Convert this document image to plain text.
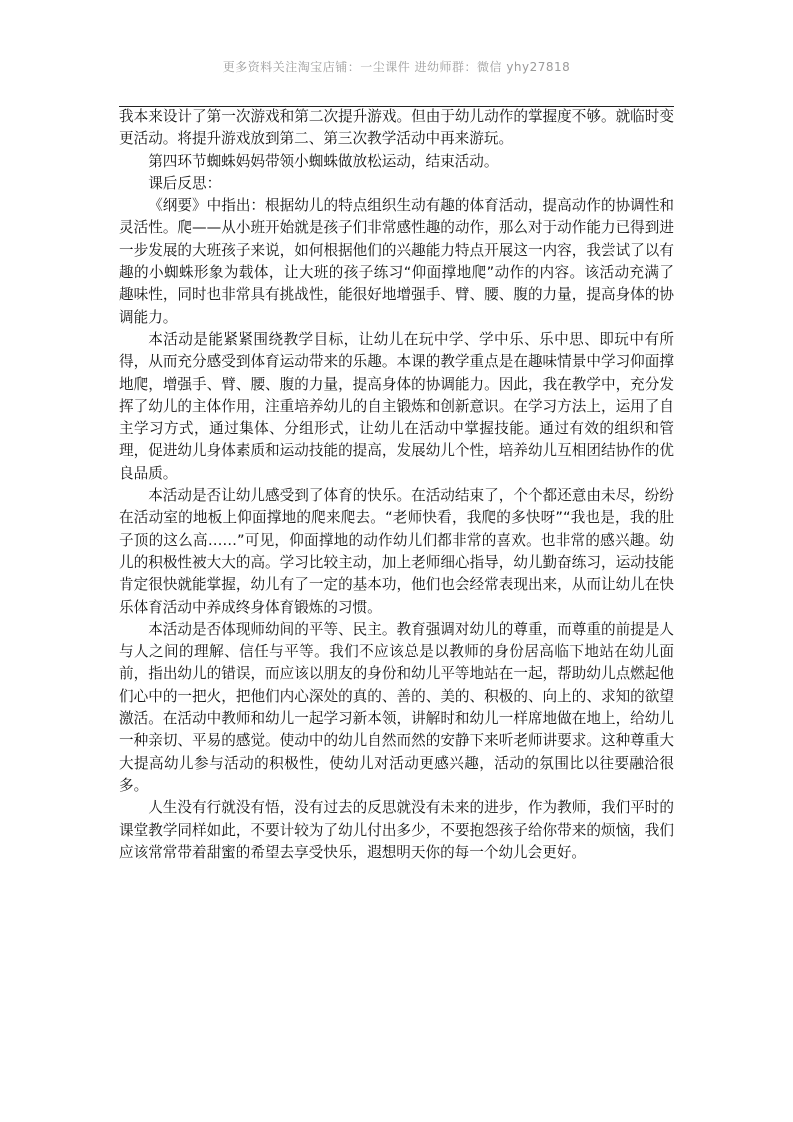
更多资料关注淘宝店铺：一尘课件 进幼师群：微信 yhy27818

我本来设计了第一次游戏和第二次提升游戏。但由于幼儿动作的掌握度不够。就临时变更活动。将提升游戏放到第二、第三次教学活动中再来游玩。

第四环节蜘蛛妈妈带领小蜘蛛做放松运动，结束活动。

课后反思：

《纲要》中指出：根据幼儿的特点组织生动有趣的体育活动，提高动作的协调性和灵活性。爬——从小班开始就是孩子们非常感性趣的动作，那么对于动作能力已得到进一步发展的大班孩子来说，如何根据他们的兴趣能力特点开展这一内容，我尝试了以有趣的小蜘蛛形象为载体，让大班的孩子练习“仰面撑地爬”动作的内容。该活动充满了趣味性，同时也非常具有挑战性，能很好地增强手、臂、腰、腹的力量，提高身体的协调能力。

本活动是能紧紧围绕教学目标，让幼儿在玩中学、学中乐、乐中思、即玩中有所得，从而充分感受到体育运动带来的乐趣。本课的教学重点是在趣味情景中学习仰面撑地爬，增强手、臂、腰、腹的力量，提高身体的协调能力。因此，我在教学中，充分发挥了幼儿的主体作用，注重培养幼儿的自主锻炼和创新意识。在学习方法上，运用了自主学习方式，通过集体、分组形式，让幼儿在活动中掌握技能。通过有效的组织和管理，促进幼儿身体素质和运动技能的提高，发展幼儿个性，培养幼儿互相团结协作的优良品质。

本活动是否让幼儿感受到了体育的快乐。在活动结束了，个个都还意由未尽，纷纷在活动室的地板上仰面撑地的爬来爬去。“老师快看，我爬的多快呀”“我也是，我的肚子顶的这么高……”可见，仰面撑地的动作幼儿们都非常的喜欢。也非常的感兴趣。幼儿的积极性被大大的高。学习比较主动，加上老师细心指导，幼儿勤奋练习，运动技能肯定很快就能掌握，幼儿有了一定的基本功，他们也会经常表现出来，从而让幼儿在快乐体育活动中养成终身体育锻炼的习惯。

本活动是否体现师幼间的平等、民主。教育强调对幼儿的尊重，而尊重的前提是人与人之间的理解、信任与平等。我们不应该总是以教师的身份居高临下地站在幼儿面前，指出幼儿的错误，而应该以朋友的身份和幼儿平等地站在一起，帮助幼儿点燃起他们心中的一把火，把他们内心深处的真的、善的、美的、积极的、向上的、求知的欲望激活。在活动中教师和幼儿一起学习新本领，讲解时和幼儿一样席地做在地上，给幼儿一种亲切、平易的感觉。使动中的幼儿自然而然的安静下来听老师讲要求。这种尊重大大提高幼儿参与活动的积极性，使幼儿对活动更感兴趣，活动的氛围比以往要融洽很多。

人生没有行就没有悟，没有过去的反思就没有未来的进步，作为教师，我们平时的课堂教学同样如此，不要计较为了幼儿付出多少，不要抱怨孩子给你带来的烦恼，我们应该常常带着甜蜜的希望去享受快乐，遐想明天你的每一个幼儿会更好。
